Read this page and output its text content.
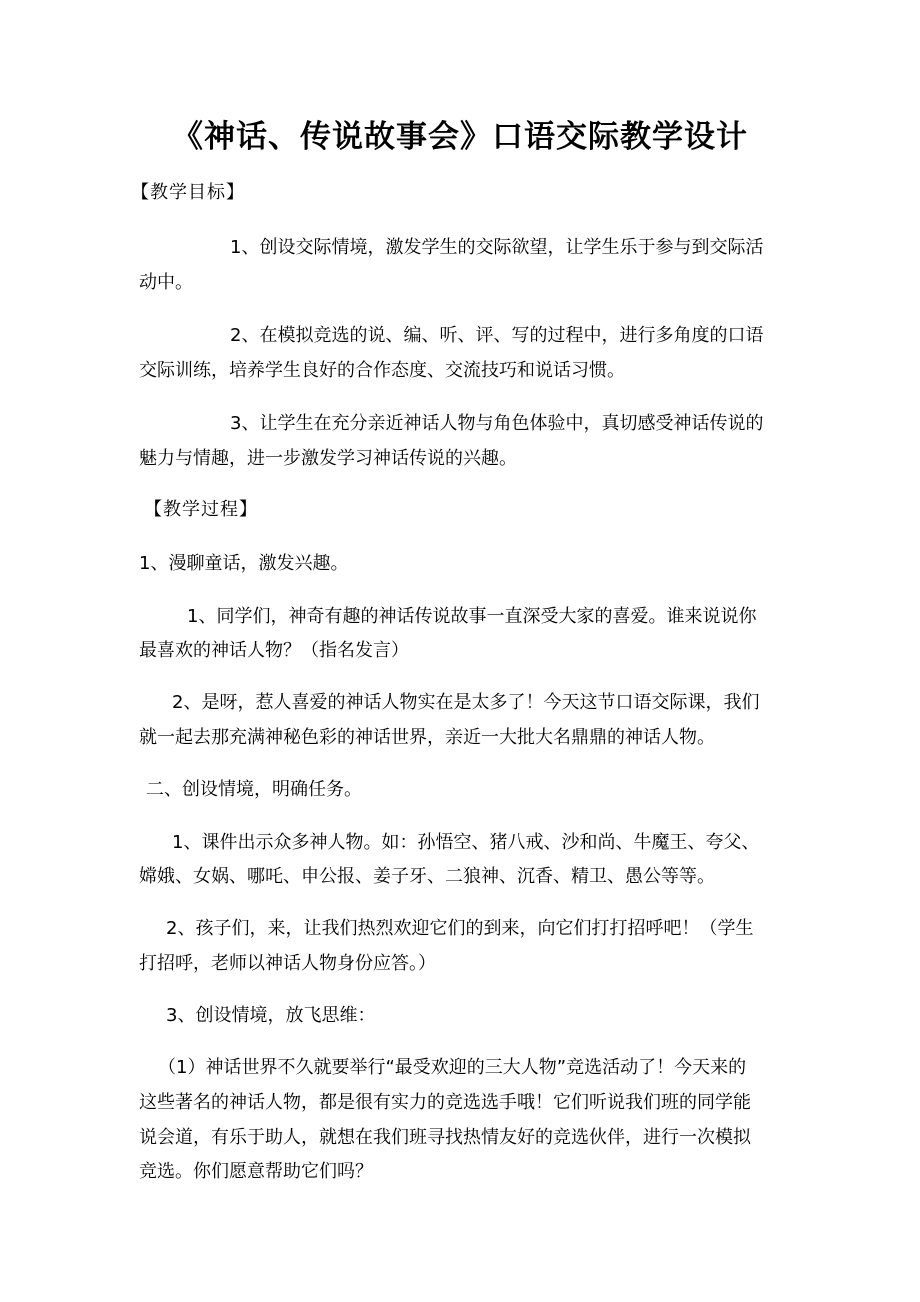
《神话、传说故事会》口语交际教学设计
【教学目标】
1、创设交际情境，激发学生的交际欲望，让学生乐于参与到交际活
动中。
2、在模拟竞选的说、编、听、评、写的过程中，进行多角度的口语
交际训练，培养学生良好的合作态度、交流技巧和说话习惯。
3、让学生在充分亲近神话人物与角色体验中，真切感受神话传说的
魅力与情趣，进一步激发学习神话传说的兴趣。
【教学过程】
1、漫聊童话，激发兴趣。
1、同学们，神奇有趣的神话传说故事一直深受大家的喜爱。谁来说说你
最喜欢的神话人物？（指名发言）
2、是呀，惹人喜爱的神话人物实在是太多了！今天这节口语交际课，我们
就一起去那充满神秘色彩的神话世界，亲近一大批大名鼎鼎的神话人物。
二、创设情境，明确任务。
1、课件出示众多神人物。如：孙悟空、猪八戒、沙和尚、牛魔王、夸父、
嫦娥、女娲、哪吒、申公报、姜子牙、二狼神、沉香、精卫、愚公等等。
2、孩子们，来，让我们热烈欢迎它们的到来，向它们打打招呼吧！（学生
打招呼，老师以神话人物身份应答。）
3、创设情境，放飞思维：
（1）神话世界不久就要举行“最受欢迎的三大人物”竞选活动了！今天来的
这些著名的神话人物，都是很有实力的竞选选手哦！它们听说我们班的同学能
说会道，有乐于助人，就想在我们班寻找热情友好的竞选伙伴，进行一次模拟
竞选。你们愿意帮助它们吗？
